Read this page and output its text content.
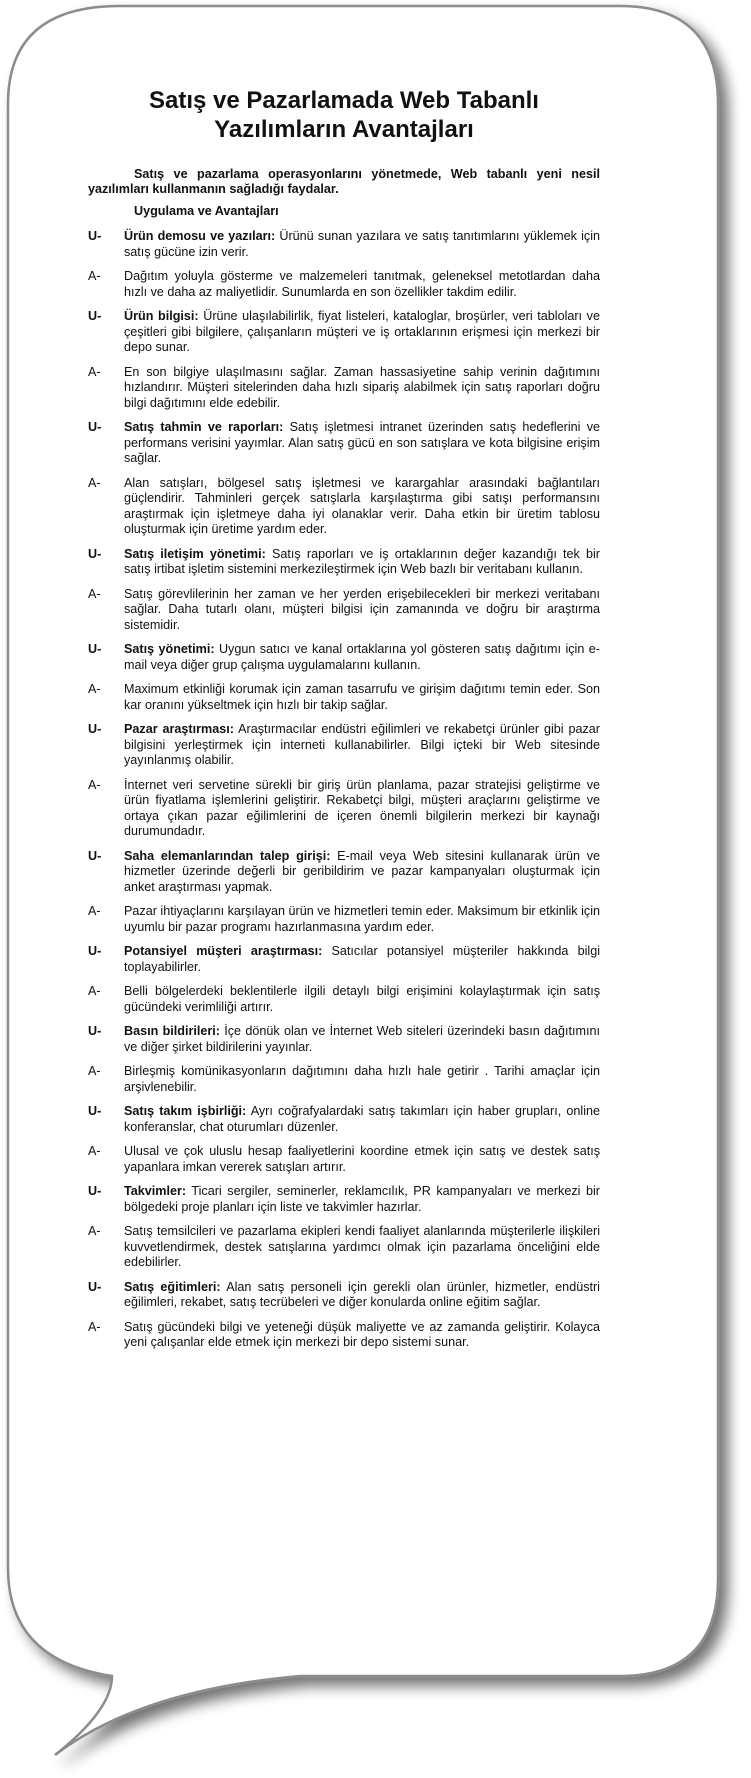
Satış ve Pazarlamada Web Tabanlı
Yazılımların Avantajları

Satış ve pazarlama operasyonlarını yönetmede, Web tabanlı yeni nesil yazılımları kullanmanın sağladığı faydalar.

Uygulama ve Avantajları

U- Ürün demosu ve yazıları: Ürünü sunan yazılara ve satış tanıtımlarını yüklemek için satış gücüne izin verir.

A- Dağıtım yoluyla gösterme ve malzemeleri tanıtmak, geleneksel metotlardan daha hızlı ve daha az maliyetlidir. Sunumlarda en son özellikler takdim edilir.

U- Ürün bilgisi: Ürüne ulaşılabilirlik, fiyat listeleri, kataloglar, broşürler, veri tabloları ve çeşitleri gibi bilgilere, çalışanların müşteri ve iş ortaklarının erişmesi için merkezi bir depo sunar.

A- En son bilgiye ulaşılmasını sağlar. Zaman hassasiyetine sahip verinin dağıtımını hızlandırır. Müşteri sitelerinden daha hızlı sipariş alabilmek için satış raporları doğru bilgi dağıtımını elde edebilir.

U- Satış tahmin ve raporları: Satış işletmesi intranet üzerinden satış hedeflerini ve performans verisini yayımlar. Alan satış gücü en son satışlara ve kota bilgisine erişim sağlar.

A- Alan satışları, bölgesel satış işletmesi ve karargahlar arasındaki bağlantıları güçlendirir. Tahminleri gerçek satışlarla karşılaştırma gibi satışı performansını araştırmak için işletmeye daha iyi olanaklar verir. Daha etkin bir üretim tablosu oluşturmak için üretime yardım eder.

U- Satış iletişim yönetimi: Satış raporları ve iş ortaklarının değer kazandığı tek bir satış irtibat işletim sistemini merkezileştirmek için Web bazlı bir veritabanı kullanın.

A- Satış görevlilerinin her zaman ve her yerden erişebilecekleri bir merkezi veritabanı sağlar. Daha tutarlı olanı, müşteri bilgisi için zamanında ve doğru bir araştırma sistemidir.

U- Satış yönetimi: Uygun satıcı ve kanal ortaklarına yol gösteren satış dağıtımı için e-mail veya diğer grup çalışma uygulamalarını kullanın.

A- Maximum etkinliği korumak için zaman tasarrufu ve girişim dağıtımı temin eder. Son kar oranını yükseltmek için hızlı bir takip sağlar.

U- Pazar araştırması: Araştırmacılar endüstri eğilimleri ve rekabetçi ürünler gibi pazar bilgisini yerleştirmek için interneti kullanabilirler. Bilgi içteki bir Web sitesinde yayınlanmış olabilir.

A- İnternet veri servetine sürekli bir giriş ürün planlama, pazar stratejisi geliştirme ve ürün fiyatlama işlemlerini geliştirir. Rekabetçi bilgi, müşteri araçlarını geliştirme ve ortaya çıkan pazar eğilimlerini de içeren önemli bilgilerin merkezi bir kaynağı durumundadır.

U- Saha elemanlarından talep girişi: E-mail veya Web sitesini kullanarak ürün ve hizmetler üzerinde değerli bir geribildirim ve pazar kampanyaları oluşturmak için anket araştırması yapmak.

A- Pazar ihtiyaçlarını karşılayan ürün ve hizmetleri temin eder. Maksimum bir etkinlik için uyumlu bir pazar programı hazırlanmasına yardım eder.

U- Potansiyel müşteri araştırması: Satıcılar potansiyel müşteriler hakkında bilgi toplayabilirler.

A- Belli bölgelerdeki beklentilerle ilgili detaylı bilgi erişimini kolaylaştırmak için satış gücündeki verimliliği artırır.

U- Basın bildirileri: İçe dönük olan ve İnternet Web siteleri üzerindeki basın dağıtımını ve diğer şirket bildirilerini yayınlar.

A- Birleşmiş komünikasyonların dağıtımını daha hızlı hale getirir . Tarihi amaçlar için arşivlenebilir.

U- Satış takım işbirliği: Ayrı coğrafyalardaki satış takımları için haber grupları, online konferanslar, chat oturumları düzenler.

A- Ulusal ve çok uluslu hesap faaliyetlerini koordine etmek için satış ve destek satış yapanlara imkan vererek satışları artırır.

U- Takvimler: Ticari sergiler, seminerler, reklamcılık, PR kampanyaları ve merkezi bir bölgedeki proje planları için liste ve takvimler hazırlar.

A- Satış temsilcileri ve pazarlama ekipleri kendi faaliyet alanlarında müşterilerle ilişkileri kuvvetlendirmek, destek satışlarına yardımcı olmak için pazarlama önceliğini elde edebilirler.

U- Satış eğitimleri: Alan satış personeli için gerekli olan ürünler, hizmetler, endüstri eğilimleri, rekabet, satış tecrübeleri ve diğer konularda online eğitim sağlar.

A- Satış gücündeki bilgi ve yeteneği düşük maliyette ve az zamanda geliştirir. Kolayca yeni çalışanlar elde etmek için merkezi bir depo sistemi sunar.
